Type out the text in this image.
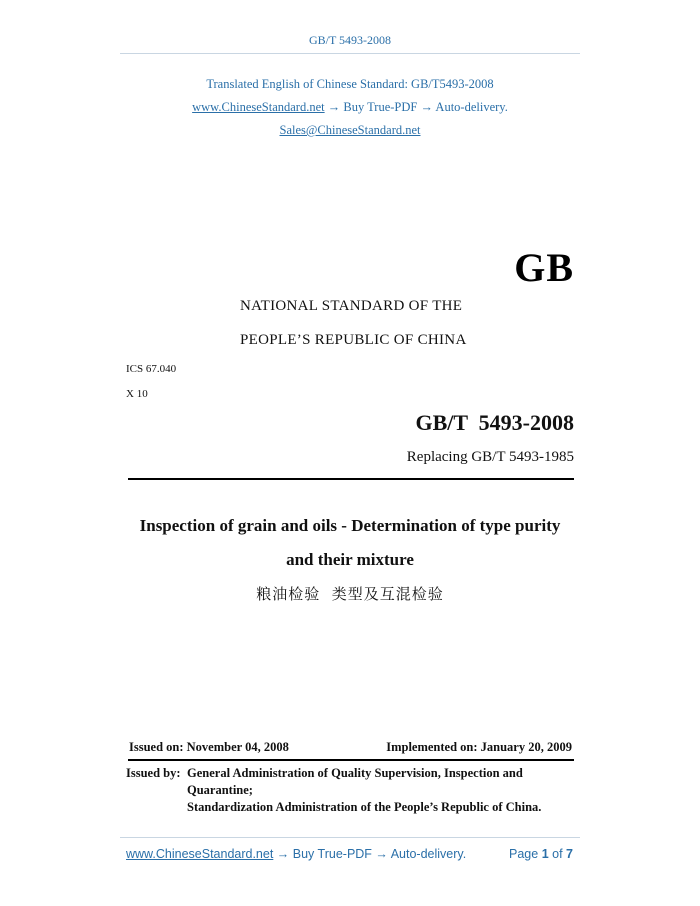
GB/T 5493-2008
Translated English of Chinese Standard: GB/T5493-2008
www.ChineseStandard.net → Buy True-PDF → Auto-delivery.
Sales@ChineseStandard.net
GB
NATIONAL STANDARD OF THE
PEOPLE’S REPUBLIC OF CHINA
ICS 67.040
X 10
GB/T  5493-2008
Replacing GB/T 5493-1985
Inspection of grain and oils - Determination of type purity
and their mixture
粮油检验  类型及互混检验
Issued on: November 04, 2008	Implemented on: January 20, 2009
Issued by: General Administration of Quality Supervision, Inspection and
Quarantine;
Standardization Administration of the People’s Republic of China.
www.ChineseStandard.net → Buy True-PDF → Auto-delivery.	Page 1 of 7
